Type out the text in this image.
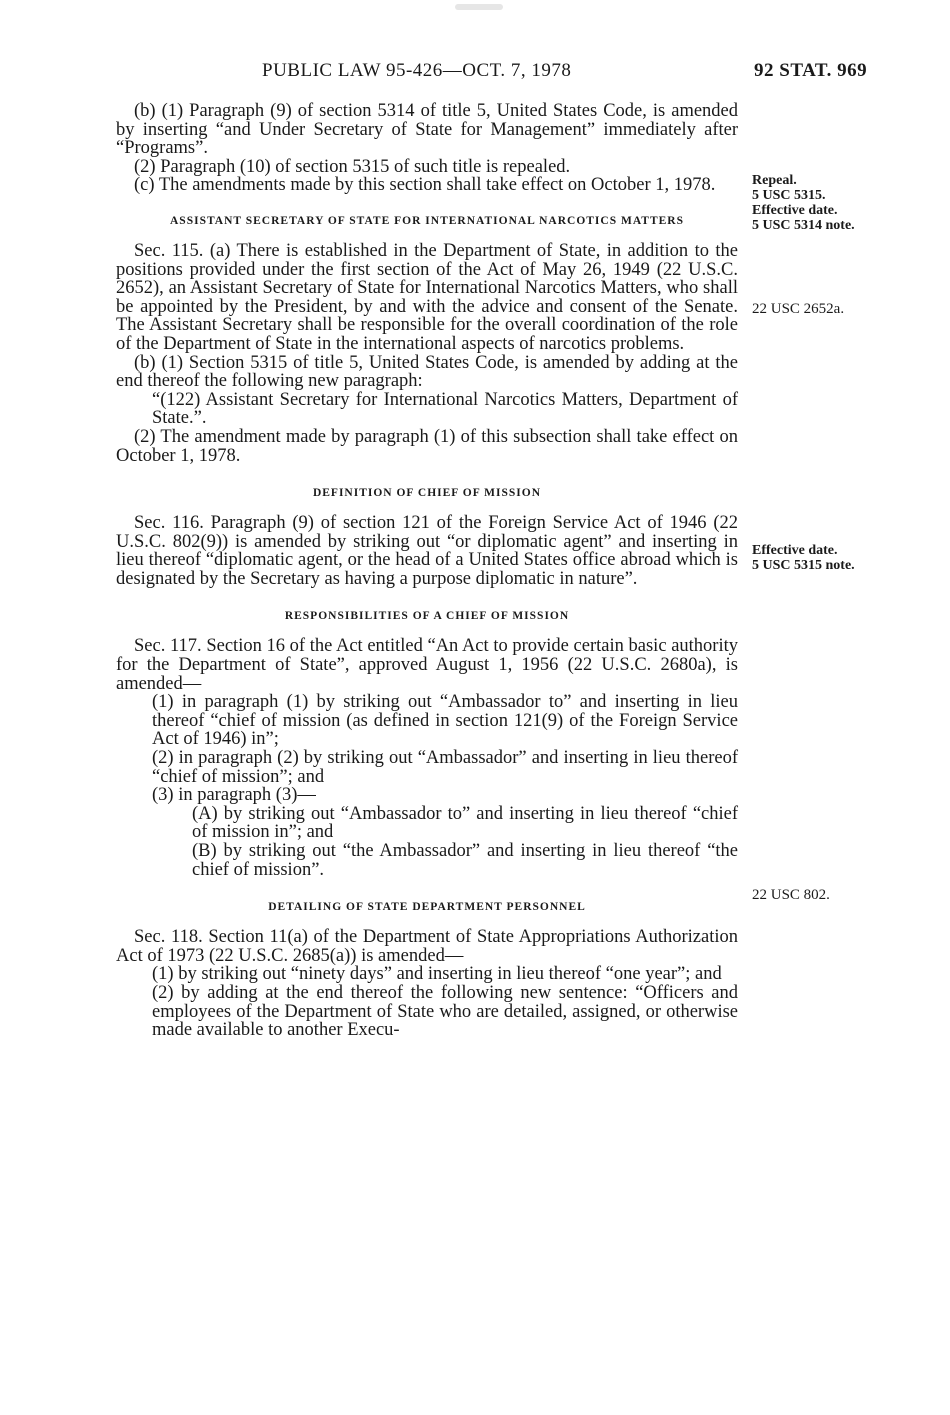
PUBLIC LAW 95-426—OCT. 7, 1978	92 STAT. 969
Repeal.
5 USC 5315.
Effective date.
5 USC 5314 note.
22 USC 2652a.
Effective date.
5 USC 5315 note.
22 USC 802.

(b) (1) Paragraph (9) of section 5314 of title 5, United States Code, is amended by inserting “and Under Secretary of State for Management” immediately after “Programs”.

(2) Paragraph (10) of section 5315 of such title is repealed.

(c) The amendments made by this section shall take effect on October 1, 1978.

ASSISTANT SECRETARY OF STATE FOR INTERNATIONAL NARCOTICS MATTERS

Sec. 115. (a) There is established in the Department of State, in addition to the positions provided under the first section of the Act of May 26, 1949 (22 U.S.C. 2652), an Assistant Secretary of State for International Narcotics Matters, who shall be appointed by the President, by and with the advice and consent of the Senate. The Assistant Secretary shall be responsible for the overall coordination of the role of the Department of State in the international aspects of narcotics problems.

(b) (1) Section 5315 of title 5, United States Code, is amended by adding at the end thereof the following new paragraph:

“(122) Assistant Secretary for International Narcotics Matters, Department of State.”.

(2) The amendment made by paragraph (1) of this subsection shall take effect on October 1, 1978.

DEFINITION OF CHIEF OF MISSION

Sec. 116. Paragraph (9) of section 121 of the Foreign Service Act of 1946 (22 U.S.C. 802(9)) is amended by striking out “or diplomatic agent” and inserting in lieu thereof “diplomatic agent, or the head of a United States office abroad which is designated by the Secretary as having a purpose diplomatic in nature”.

RESPONSIBILITIES OF A CHIEF OF MISSION

Sec. 117. Section 16 of the Act entitled “An Act to provide certain basic authority for the Department of State”, approved August 1, 1956 (22 U.S.C. 2680a), is amended—

(1) in paragraph (1) by striking out “Ambassador to” and inserting in lieu thereof “chief of mission (as defined in section 121(9) of the Foreign Service Act of 1946) in”;

(2) in paragraph (2) by striking out “Ambassador” and inserting in lieu thereof “chief of mission”; and

(3) in paragraph (3)—

(A) by striking out “Ambassador to” and inserting in lieu thereof “chief of mission in”; and

(B) by striking out “the Ambassador” and inserting in lieu thereof “the chief of mission”.

DETAILING OF STATE DEPARTMENT PERSONNEL

Sec. 118. Section 11(a) of the Department of State Appropriations Authorization Act of 1973 (22 U.S.C. 2685(a)) is amended—

(1) by striking out “ninety days” and inserting in lieu thereof “one year”; and

(2) by adding at the end thereof the following new sentence: “Officers and employees of the Department of State who are detailed, assigned, or otherwise made available to another Execu-
